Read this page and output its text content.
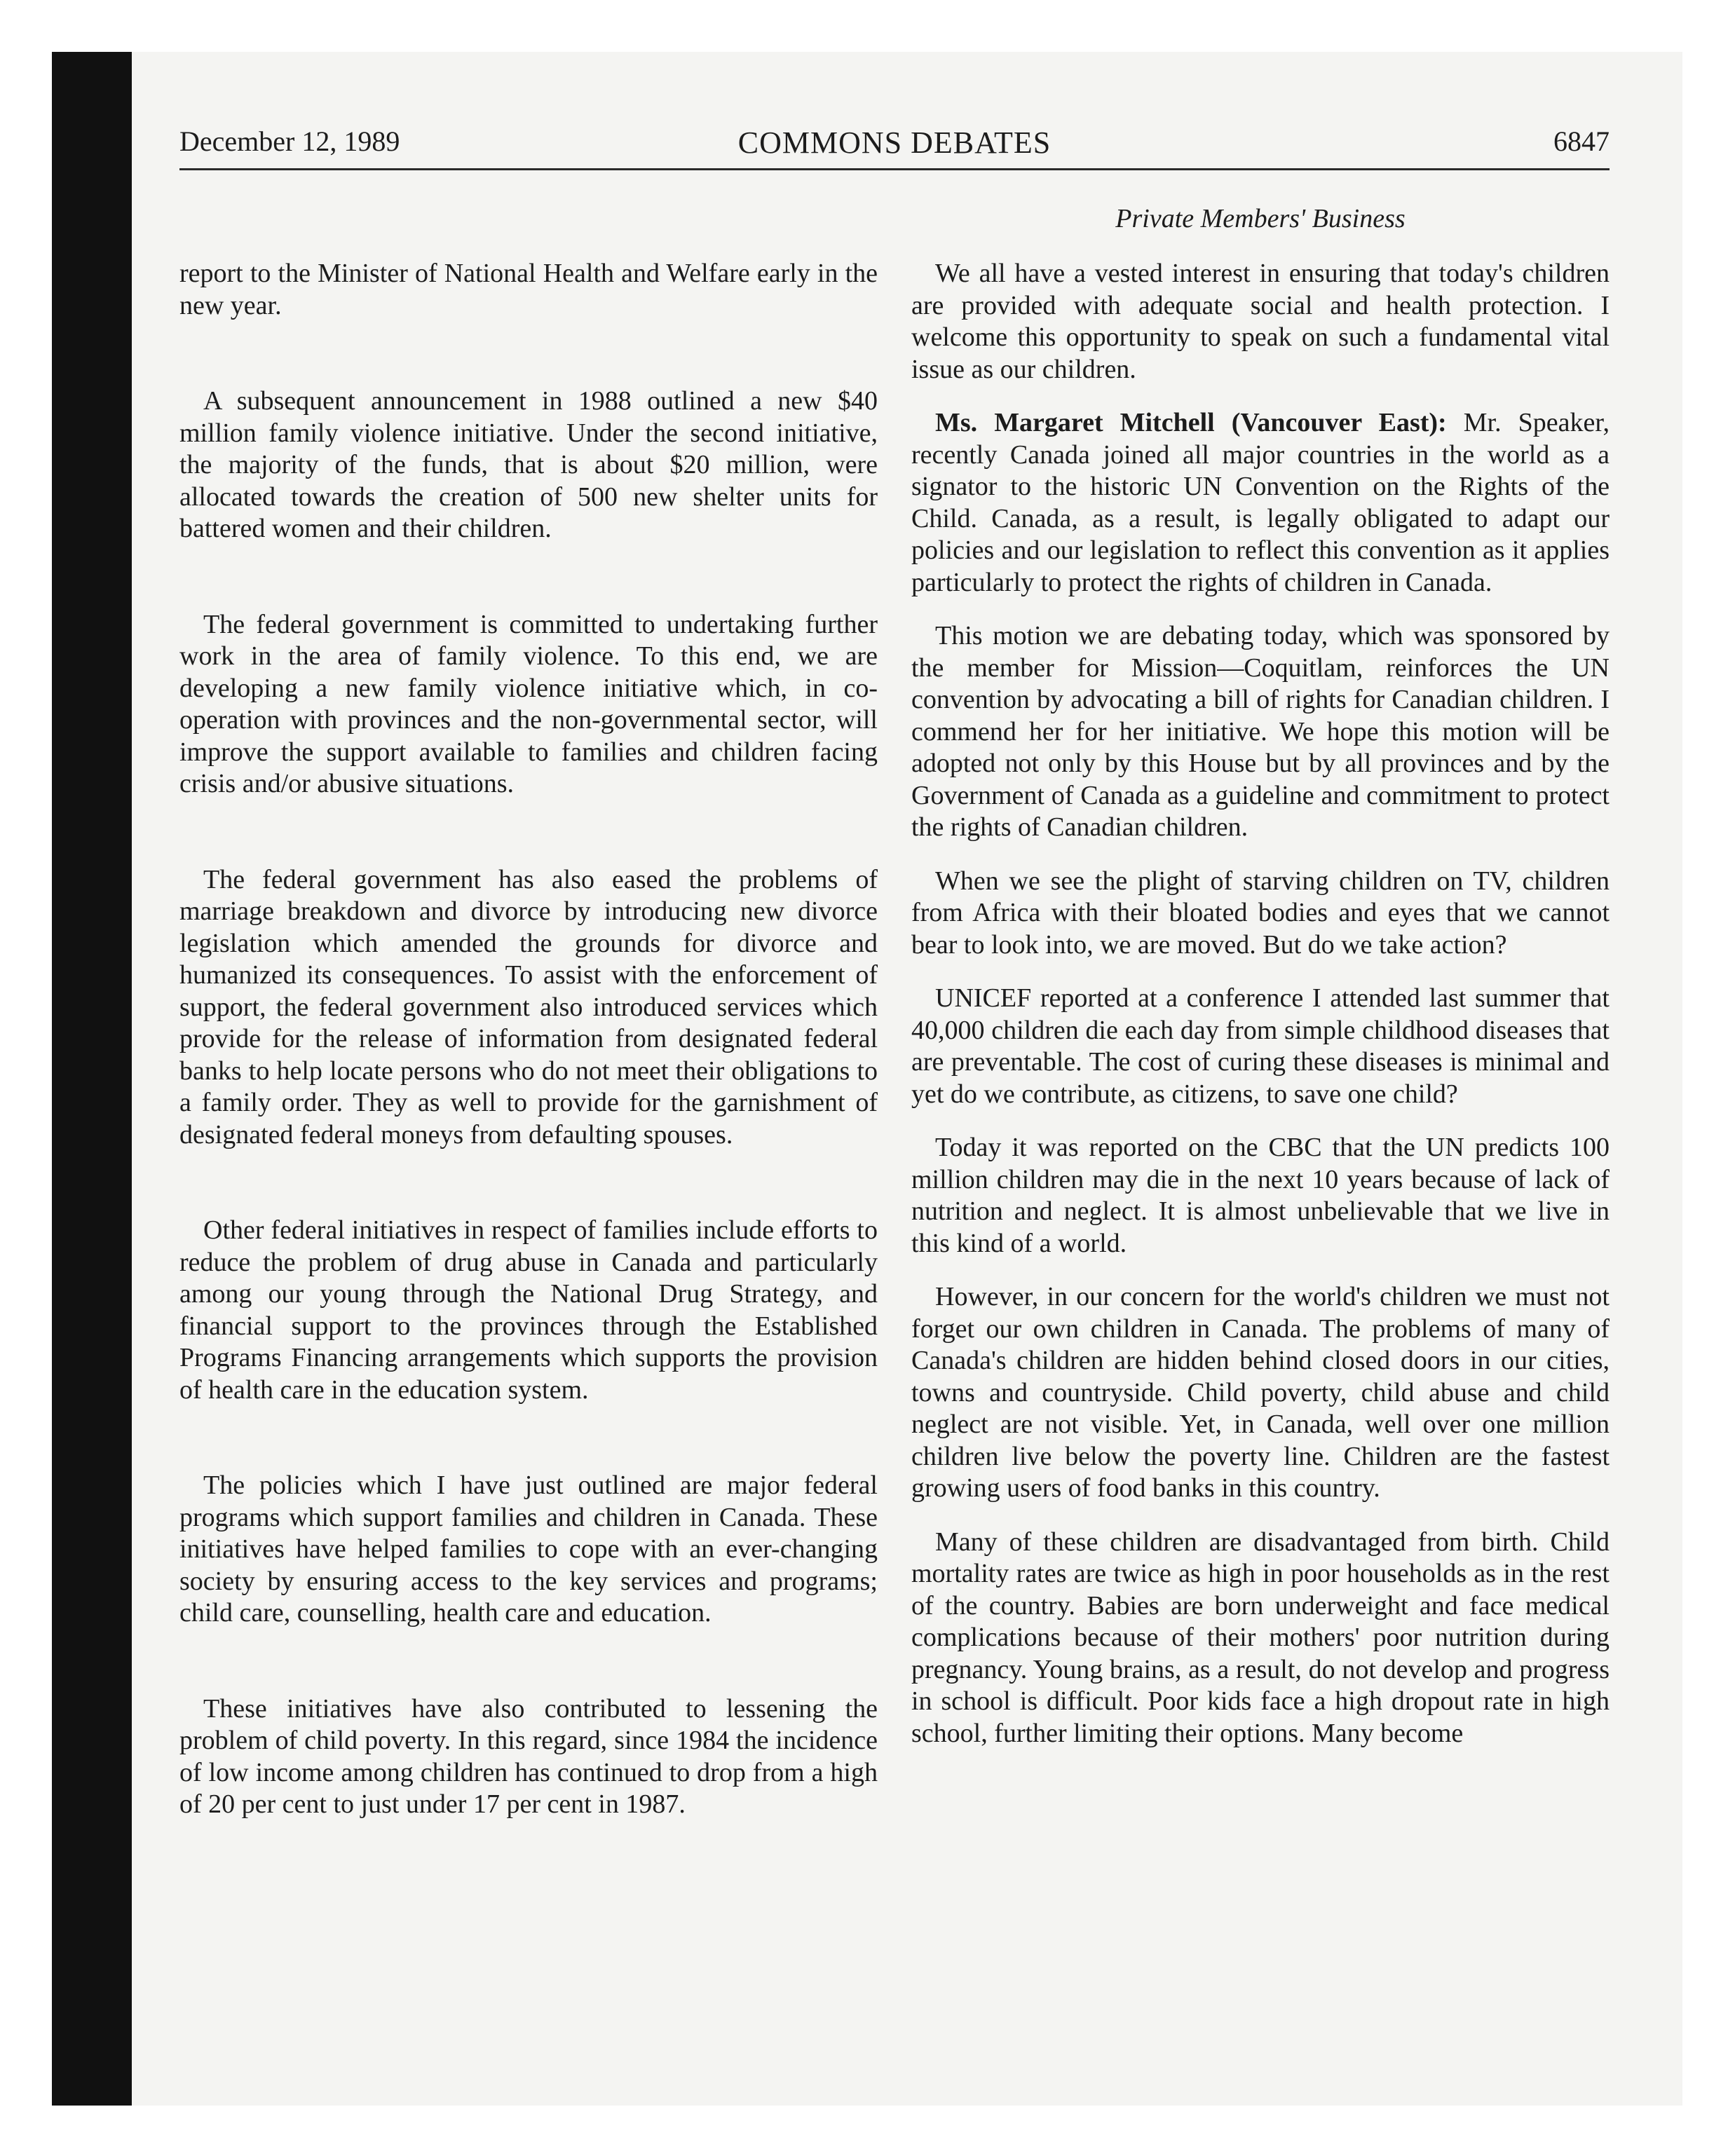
December 12, 1989	COMMONS DEBATES	6847
Private Members' Business

report to the Minister of National Health and Welfare early in the new year.

A subsequent announcement in 1988 outlined a new $40 million family violence initiative. Under the second initiative, the majority of the funds, that is about $20 million, were allocated towards the creation of 500 new shelter units for battered women and their children.

The federal government is committed to undertaking further work in the area of family violence. To this end, we are developing a new family violence initiative which, in co-operation with provinces and the non-governmental sector, will improve the support available to families and children facing crisis and/or abusive situations.

The federal government has also eased the problems of marriage breakdown and divorce by introducing new divorce legislation which amended the grounds for divorce and humanized its consequences. To assist with the enforcement of support, the federal government also introduced services which provide for the release of information from designated federal banks to help locate persons who do not meet their obligations to a family order. They as well to provide for the garnishment of designated federal moneys from defaulting spouses.

Other federal initiatives in respect of families include efforts to reduce the problem of drug abuse in Canada and particularly among our young through the National Drug Strategy, and financial support to the provinces through the Established Programs Financing arrangements which supports the provision of health care in the education system.

The policies which I have just outlined are major federal programs which support families and children in Canada. These initiatives have helped families to cope with an ever-changing society by ensuring access to the key services and programs; child care, counselling, health care and education.

These initiatives have also contributed to lessening the problem of child poverty. In this regard, since 1984 the incidence of low income among children has continued to drop from a high of 20 per cent to just under 17 per cent in 1987.

We all have a vested interest in ensuring that today's children are provided with adequate social and health protection. I welcome this opportunity to speak on such a fundamental vital issue as our children.

Ms. Margaret Mitchell (Vancouver East): Mr. Speaker, recently Canada joined all major countries in the world as a signator to the historic UN Convention on the Rights of the Child. Canada, as a result, is legally obligated to adapt our policies and our legislation to reflect this convention as it applies particularly to protect the rights of children in Canada.

This motion we are debating today, which was sponsored by the member for Mission—Coquitlam, reinforces the UN convention by advocating a bill of rights for Canadian children. I commend her for her initiative. We hope this motion will be adopted not only by this House but by all provinces and by the Government of Canada as a guideline and commitment to protect the rights of Canadian children.

When we see the plight of starving children on TV, children from Africa with their bloated bodies and eyes that we cannot bear to look into, we are moved. But do we take action?

UNICEF reported at a conference I attended last summer that 40,000 children die each day from simple childhood diseases that are preventable. The cost of curing these diseases is minimal and yet do we contribute, as citizens, to save one child?

Today it was reported on the CBC that the UN predicts 100 million children may die in the next 10 years because of lack of nutrition and neglect. It is almost unbelievable that we live in this kind of a world.

However, in our concern for the world's children we must not forget our own children in Canada. The problems of many of Canada's children are hidden behind closed doors in our cities, towns and countryside. Child poverty, child abuse and child neglect are not visible. Yet, in Canada, well over one million children live below the poverty line. Children are the fastest growing users of food banks in this country.

Many of these children are disadvantaged from birth. Child mortality rates are twice as high in poor households as in the rest of the country. Babies are born underweight and face medical complications because of their mothers' poor nutrition during pregnancy. Young brains, as a result, do not develop and progress in school is difficult. Poor kids face a high dropout rate in high school, further limiting their options. Many become
